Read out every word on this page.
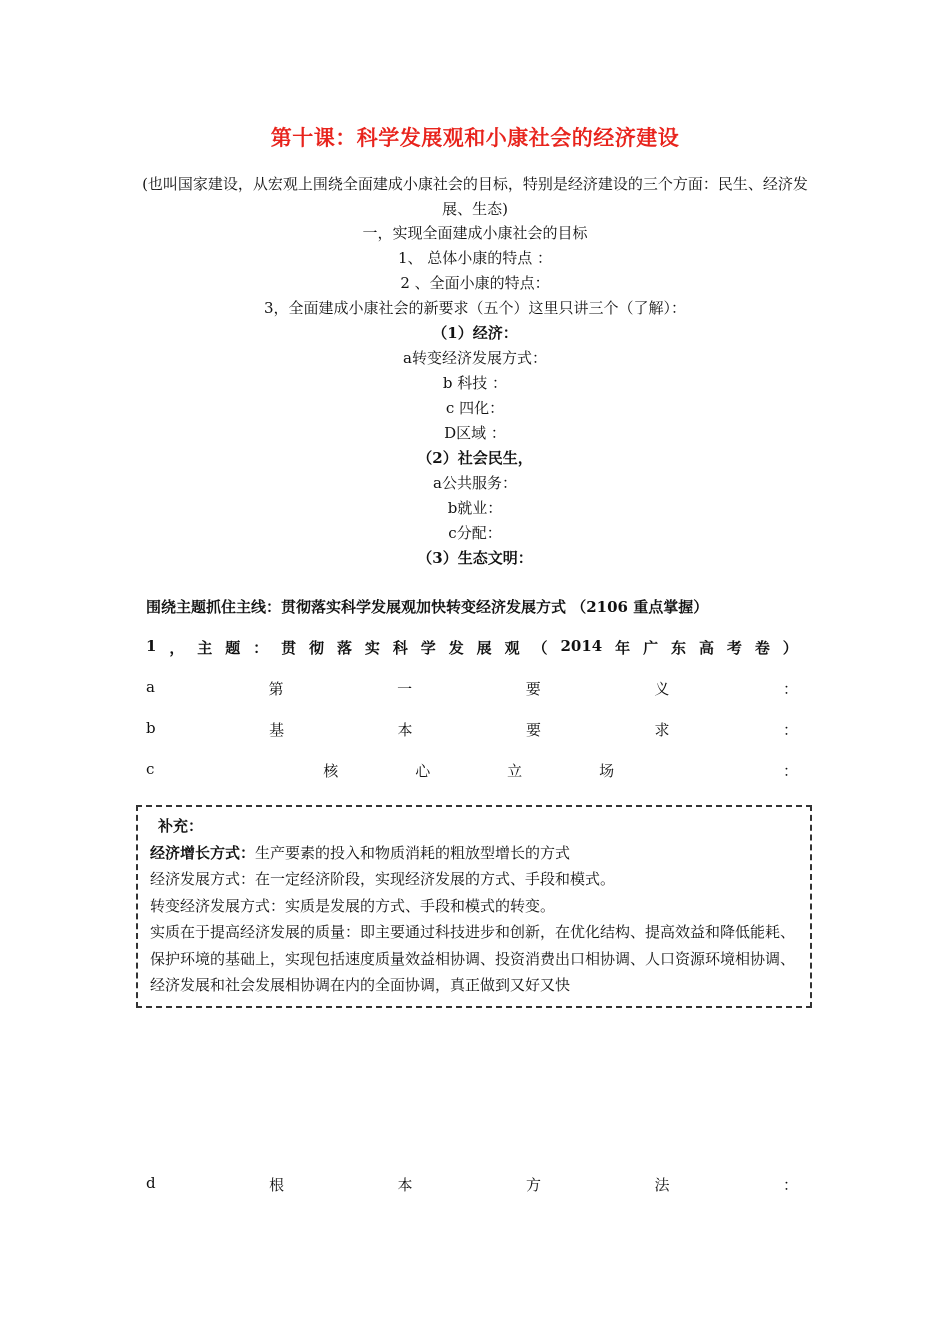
第十课：科学发展观和小康社会的经济建设
(也叫国家建设，从宏观上围绕全面建成小康社会的目标，特别是经济建设的三个方面：民生、经济发展、生态)
一，实现全面建成小康社会的目标
1、 总体小康的特点 ：
2 、全面小康的特点：
3，全面建成小康社会的新要求（五个）这里只讲三个（了解）：
（1）经济：
a转变经济发展方式：
b 科技 ：
c 四化：
D区域 ：
（2）社会民生，
a公共服务：
b就业：
c分配：
（3）生态文明：
围绕主题抓住主线：贯彻落实科学发展观加快转变经济发展方式 （2106 重点掌握）
1 ， 主 题 ： 贯 彻 落 实 科 学 发 展 观 （ 2014 年 广 东 高 考 卷 ）
a	第	一	要	义	：
b	基	本	要	求	：
c	核	心	立	场	：

补充：

经济增长方式：生产要素的投入和物质消耗的粗放型增长的方式

经济发展方式：在一定经济阶段，实现经济发展的方式、手段和模式。

转变经济发展方式：实质是发展的方式、手段和模式的转变。

实质在于提高经济发展的质量：即主要通过科技进步和创新，在优化结构、提高效益和降低能耗、保护环境的基础上，实现包括速度质量效益相协调、投资消费出口相协调、人口资源环境相协调、经济发展和社会发展相协调在内的全面协调，真正做到又好又快

d	根	本	方	法	：
